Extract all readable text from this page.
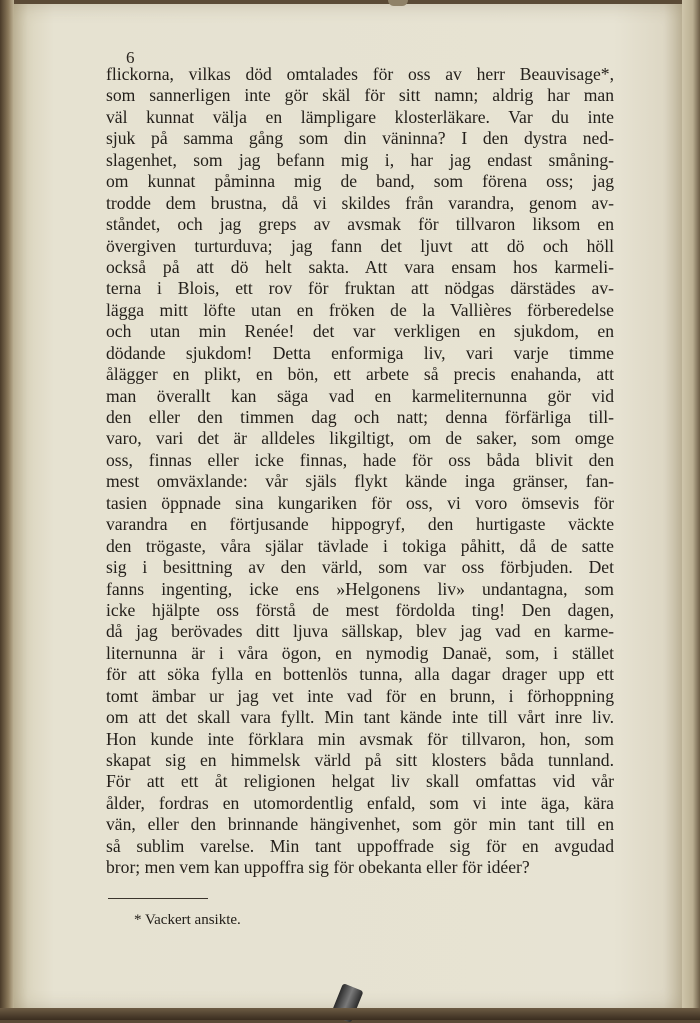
6
flickorna, vilkas död omtalades för oss av herr Beauvisage*,
som sannerligen inte gör skäl för sitt namn; aldrig har man
väl kunnat välja en lämpligare klosterläkare. Var du inte
sjuk på samma gång som din väninna? I den dystra ned-
slagenhet, som jag befann mig i, har jag endast småning-
om kunnat påminna mig de band, som förena oss; jag
trodde dem brustna, då vi skildes från varandra, genom av-
ståndet, och jag greps av avsmak för tillvaron liksom en
övergiven turturduva; jag fann det ljuvt att dö och höll
också på att dö helt sakta. Att vara ensam hos karmeli-
terna i Blois, ett rov för fruktan att nödgas därstädes av-
lägga mitt löfte utan en fröken de la Vallières förberedelse
och utan min Renée! det var verkligen en sjukdom, en
dödande sjukdom! Detta enformiga liv, vari varje timme
ålägger en plikt, en bön, ett arbete så precis enahanda, att
man överallt kan säga vad en karmeliternunna gör vid
den eller den timmen dag och natt; denna förfärliga till-
varo, vari det är alldeles likgiltigt, om de saker, som omge
oss, finnas eller icke finnas, hade för oss båda blivit den
mest omväxlande: vår själs flykt kände inga gränser, fan-
tasien öppnade sina kungariken för oss, vi voro ömsevis för
varandra en förtjusande hippogryf, den hurtigaste väckte
den trögaste, våra själar tävlade i tokiga påhitt, då de satte
sig i besittning av den värld, som var oss förbjuden. Det
fanns ingenting, icke ens »Helgonens liv» undantagna, som
icke hjälpte oss förstå de mest fördolda ting! Den dagen,
då jag berövades ditt ljuva sällskap, blev jag vad en karme-
liternunna är i våra ögon, en nymodig Danaë, som, i stället
för att söka fylla en bottenlös tunna, alla dagar drager upp ett
tomt ämbar ur jag vet inte vad för en brunn, i förhoppning
om att det skall vara fyllt. Min tant kände inte till vårt inre liv.
Hon kunde inte förklara min avsmak för tillvaron, hon, som
skapat sig en himmelsk värld på sitt klosters båda tunnland.
För att ett åt religionen helgat liv skall omfattas vid vår
ålder, fordras en utomordentlig enfald, som vi inte äga, kära
vän, eller den brinnande hängivenhet, som gör min tant till en
så sublim varelse. Min tant uppoffrade sig för en avgudad
bror; men vem kan uppoffra sig för obekanta eller för idéer?
* Vackert ansikte.
